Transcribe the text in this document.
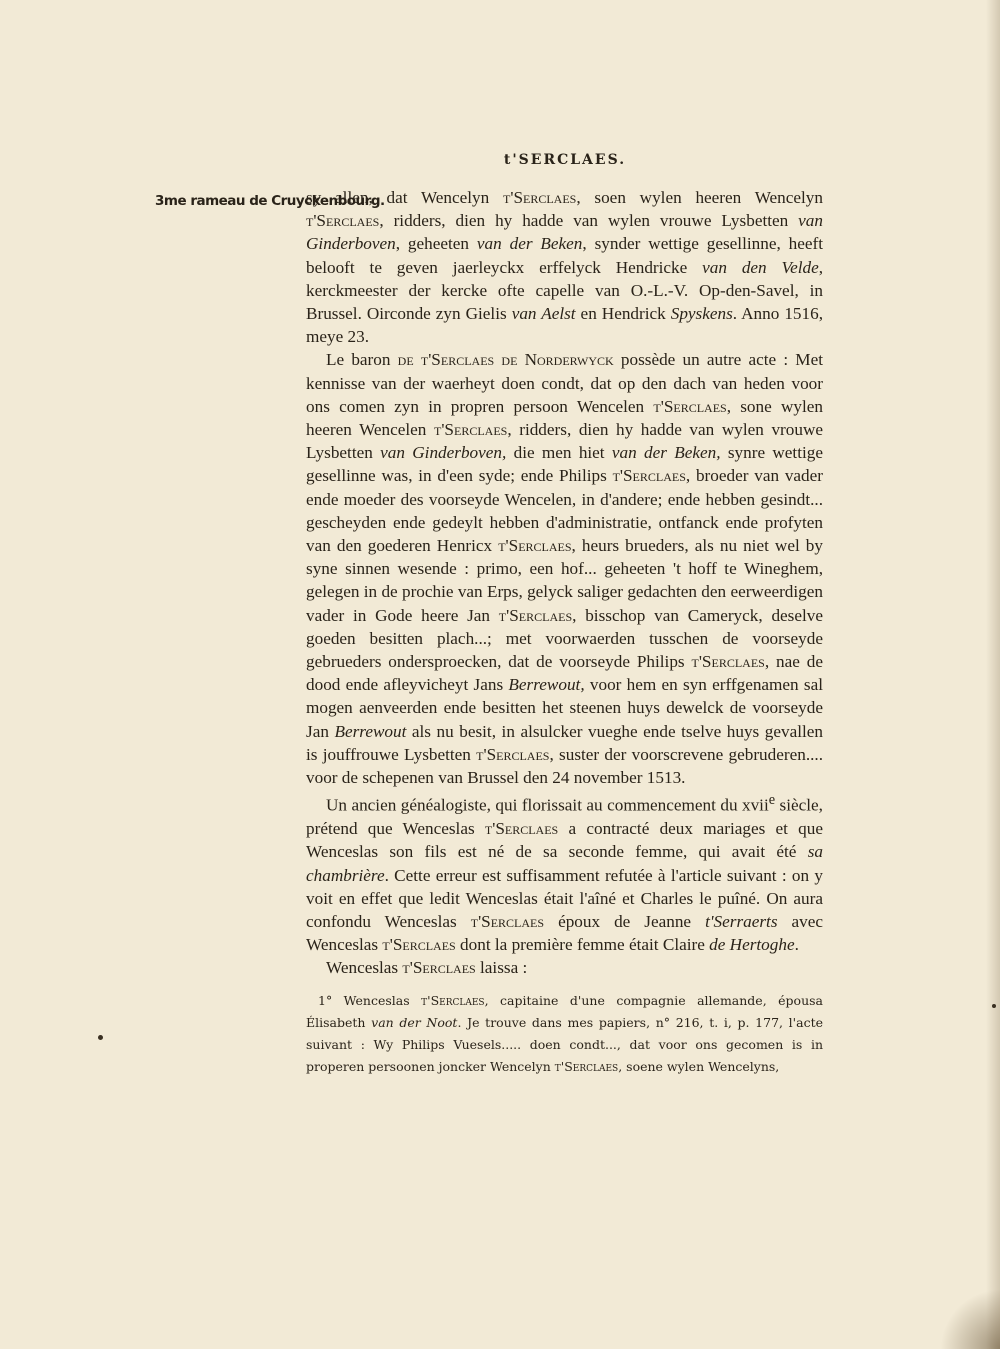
t'SERCLAES.
3me rameau de Cruyckenbourg.

sy allen, dat Wencelyn t'Serclaes, soen wylen heeren Wencelyn t'Serclaes, ridders, dien hy hadde van wylen vrouwe Lysbetten van Ginderboven, geheeten van der Beken, synder wettige gesellinne, heeft belooft te geven jaerleyckx erffelyck Hendricke van den Velde, kerckmeester der kercke ofte capelle van O.-L.-V. Op-den-Savel, in Brussel. Oirconde zyn Gielis van Aelst en Hendrick Spyskens. Anno 1516, meye 23.

Le baron de t'Serclaes de Norderwyck possède un autre acte : Met kennisse van der waerheyt doen condt, dat op den dach van heden voor ons comen zyn in propren persoon Wencelen t'Serclaes, sone wylen heeren Wencelen t'Serclaes, ridders, dien hy hadde van wylen vrouwe Lysbetten van Ginderboven, die men hiet van der Beken, synre wettige gesellinne was, in d'een syde; ende Philips t'Serclaes, broeder van vader ende moeder des voorseyde Wencelen, in d'andere; ende hebben gesindt... gescheyden ende gedeylt hebben d'administratie, ontfanck ende profyten van den goederen Henricx t'Serclaes, heurs brueders, als nu niet wel by syne sinnen wesende : primo, een hof... geheeten 't hoff te Wineghem, gelegen in de prochie van Erps, gelyck saliger gedachten den eerweerdigen vader in Gode heere Jan t'Serclaes, bisschop van Cameryck, deselve goeden besitten plach...; met voorwaerden tusschen de voorseyde gebrueders ondersproecken, dat de voorseyde Philips t'Serclaes, nae de dood ende afleyvicheyt Jans Berrewout, voor hem en syn erffgenamen sal mogen aenveerden ende besitten het steenen huys dewelck de voorseyde Jan Berrewout als nu besit, in alsulcker vueghe ende tselve huys gevallen is jouffrouwe Lysbetten t'Serclaes, suster der voorscrevene gebruderen.... voor de schepenen van Brussel den 24 november 1513.

Un ancien généalogiste, qui florissait au commencement du xvii$^e$ siècle, prétend que Wenceslas t'Serclaes a contracté deux mariages et que Wenceslas son fils est né de sa seconde femme, qui avait été sa chambrière. Cette erreur est suffisamment refutée à l'article suivant : on y voit en effet que ledit Wenceslas était l'aîné et Charles le puîné. On aura confondu Wenceslas t'Serclaes époux de Jeanne t'Serraerts avec Wenceslas t'Serclaes dont la première femme était Claire de Hertoghe.

Wenceslas t'Serclaes laissa :

1° Wenceslas t'Serclaes, capitaine d'une compagnie allemande, épousa Élisabeth van der Noot. Je trouve dans mes papiers, n° 216, t. i, p. 177, l'acte suivant : Wy Philips Vuesels..... doen condt..., dat voor ons gecomen is in properen persoonen joncker Wencelyn t'Serclaes, soene wylen Wencelyns,
